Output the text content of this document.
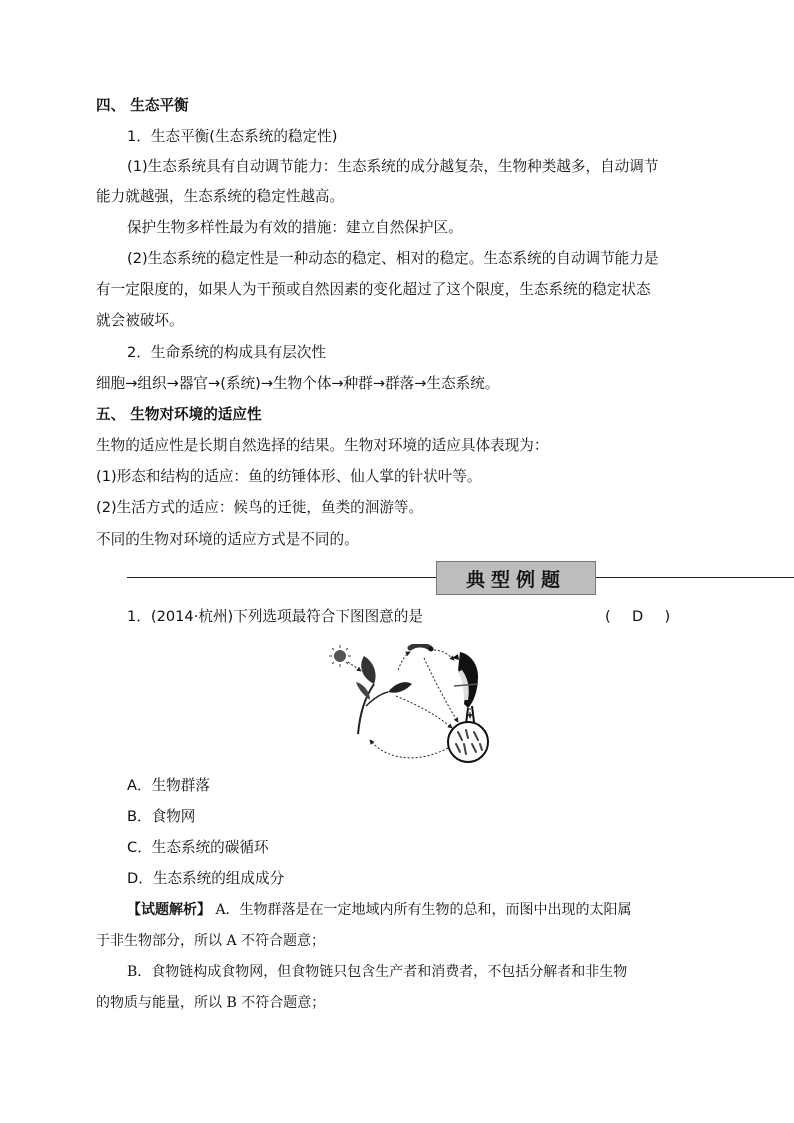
四、 生态平衡
1．生态平衡(生态系统的稳定性)
(1)生态系统具有自动调节能力：生态系统的成分越复杂，生物种类越多，自动调节
能力就越强，生态系统的稳定性越高。
保护生物多样性最为有效的措施：建立自然保护区。
(2)生态系统的稳定性是一种动态的稳定、相对的稳定。生态系统的自动调节能力是
有一定限度的，如果人为干预或自然因素的变化超过了这个限度，生态系统的稳定状态
就会被破坏。
2．生命系统的构成具有层次性
细胞→组织→器官→(系统)→生物个体→种群→群落→生态系统。
五、 生物对环境的适应性
生物的适应性是长期自然选择的结果。生物对环境的适应具体表现为：
(1)形态和结构的适应：鱼的纺锤体形、仙人掌的针状叶等。
(2)生活方式的适应：候鸟的迁徙，鱼类的洄游等。
不同的生物对环境的适应方式是不同的。
典型例题
1．(2014·杭州)下列选项最符合下图图意的是	( D )
A．生物群落
B．食物网
C．生态系统的碳循环
D．生态系统的组成成分
【试题解析】 A．生物群落是在一定地域内所有生物的总和，而图中出现的太阳属
于非生物部分，所以 A 不符合题意；
B．食物链构成食物网，但食物链只包含生产者和消费者，不包括分解者和非生物
的物质与能量，所以 B 不符合题意；
